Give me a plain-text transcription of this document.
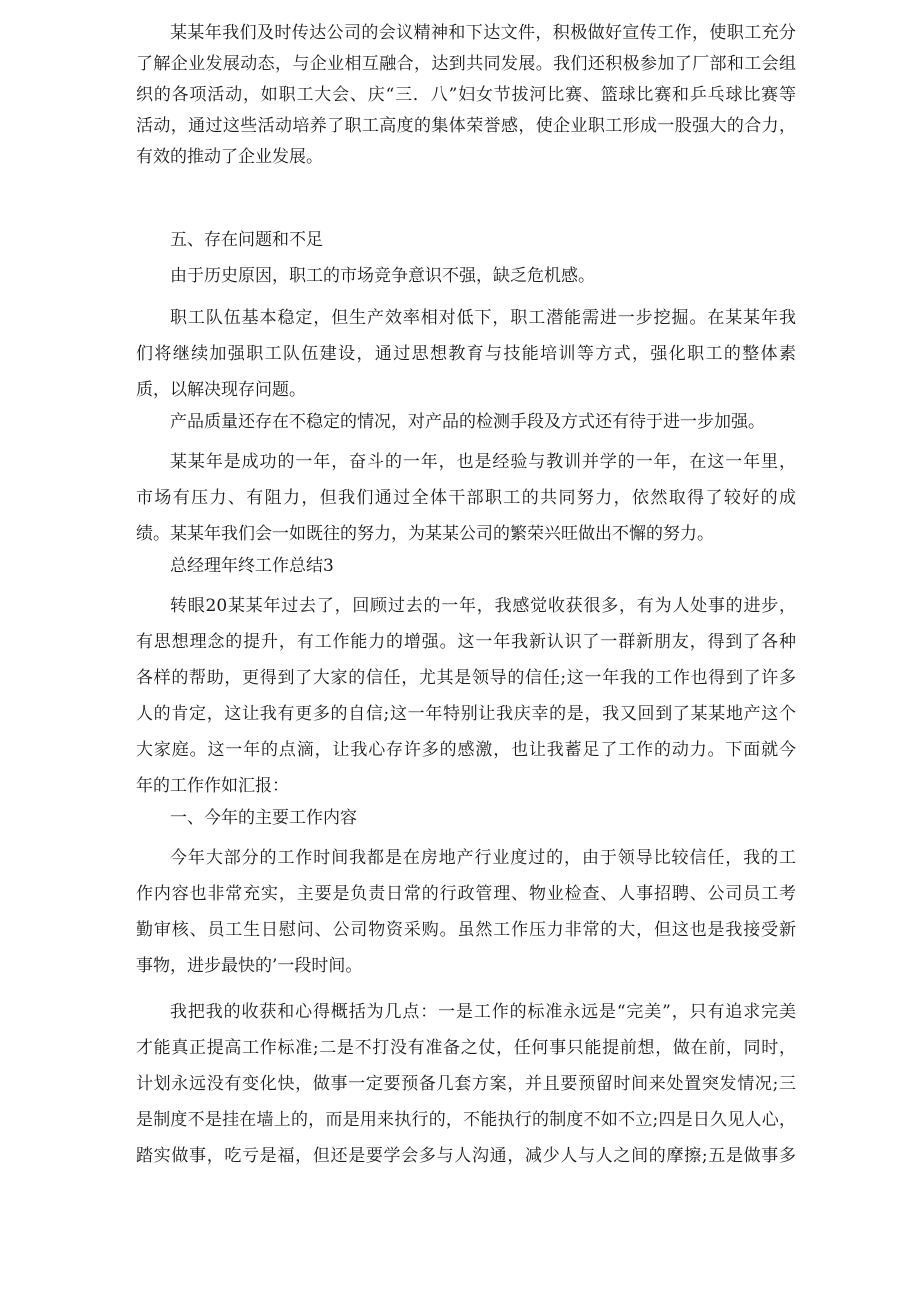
某某年我们及时传达公司的会议精神和下达文件，积极做好宣传工作，使职工充分
了解企业发展动态，与企业相互融合，达到共同发展。我们还积极参加了厂部和工会组
织的各项活动，如职工大会、庆“三．八”妇女节拔河比赛、篮球比赛和乒乓球比赛等
活动，通过这些活动培养了职工高度的集体荣誉感，使企业职工形成一股强大的合力，
有效的推动了企业发展。
五、存在问题和不足
由于历史原因，职工的市场竞争意识不强，缺乏危机感。
职工队伍基本稳定，但生产效率相对低下，职工潜能需进一步挖掘。在某某年我
们将继续加强职工队伍建设，通过思想教育与技能培训等方式，强化职工的整体素
质，以解决现存问题。
产品质量还存在不稳定的情况，对产品的检测手段及方式还有待于进一步加强。
某某年是成功的一年，奋斗的一年，也是经验与教训并学的一年，在这一年里，
市场有压力、有阻力，但我们通过全体干部职工的共同努力，依然取得了较好的成
绩。某某年我们会一如既往的努力，为某某公司的繁荣兴旺做出不懈的努力。
总经理年终工作总结3
转眼20某某年过去了，回顾过去的一年，我感觉收获很多，有为人处事的进步，
有思想理念的提升，有工作能力的增强。这一年我新认识了一群新朋友，得到了各种
各样的帮助，更得到了大家的信任，尤其是领导的信任;这一年我的工作也得到了许多
人的肯定，这让我有更多的自信;这一年特别让我庆幸的是，我又回到了某某地产这个
大家庭。这一年的点滴，让我心存许多的感激，也让我蓄足了工作的动力。下面就今
年的工作作如汇报：
一、今年的主要工作内容
今年大部分的工作时间我都是在房地产行业度过的，由于领导比较信任，我的工
作内容也非常充实，主要是负责日常的行政管理、物业检查、人事招聘、公司员工考
勤审核、员工生日慰问、公司物资采购。虽然工作压力非常的大，但这也是我接受新
事物，进步最快的’一段时间。
我把我的收获和心得概括为几点：一是工作的标准永远是“完美”，只有追求完美
才能真正提高工作标准;二是不打没有准备之仗，任何事只能提前想，做在前，同时，
计划永远没有变化快，做事一定要预备几套方案，并且要预留时间来处置突发情况;三
是制度不是挂在墙上的，而是用来执行的，不能执行的制度不如不立;四是日久见人心，
踏实做事，吃亏是福，但还是要学会多与人沟通，减少人与人之间的摩擦;五是做事多
